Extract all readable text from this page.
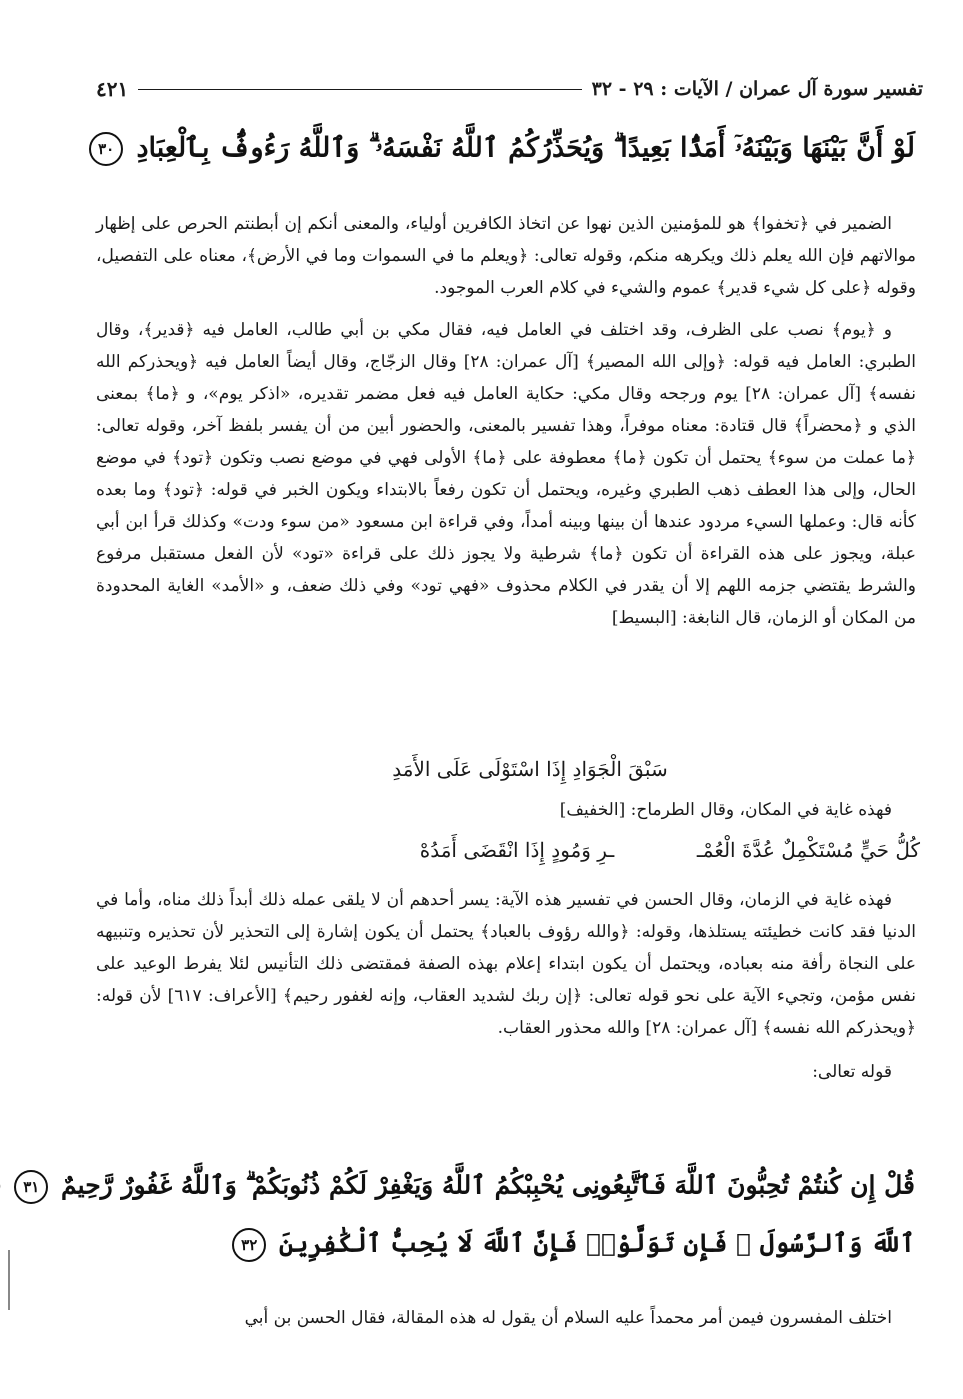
تفسير سورة آل عمران / الآيات : ٢٩ - ٣٢
٤٢١
لَوْ أَنَّ بَيْنَهَا وَبَيْنَهُۥٓ أَمَدًۢا بَعِيدًا ۗ وَيُحَذِّرُكُمُ ٱللَّهُ نَفْسَهُۥ ۗ وَٱللَّهُ رَءُوفٌۢ بِٱلْعِبَادِ ٣٠

الضمير في ﴿تخفوا﴾ هو للمؤمنين الذين نهوا عن اتخاذ الكافرين أولياء، والمعنى أنكم إن أبطنتم الحرص على إظهار موالاتهم فإن الله يعلم ذلك ويكرهه منكم، وقوله تعالى: ﴿ويعلم ما في السموات وما في الأرض﴾، معناه على التفصيل، وقوله ﴿على كل شيء قدير﴾ عموم والشيء في كلام العرب الموجود.

و ﴿يوم﴾ نصب على الظرف، وقد اختلف في العامل فيه، فقال مكي بن أبي طالب، العامل فيه ﴿قدير﴾، وقال الطبري: العامل فيه قوله: ﴿وإلى الله المصير﴾ [آل عمران: ٢٨] وقال الزجّاج، وقال أيضاً العامل فيه ﴿ويحذركم الله نفسه﴾ [آل عمران: ٢٨] يوم ورجحه وقال مكي: حكاية العامل فيه فعل مضمر تقديره، «اذكر يوم»، و ﴿ما﴾ بمعنى الذي و ﴿محضراً﴾ قال قتادة: معناه موفراً، وهذا تفسير بالمعنى، والحضور أبين من أن يفسر بلفظ آخر، وقوله تعالى: ﴿ما عملت من سوء﴾ يحتمل أن تكون ﴿ما﴾ معطوفة على ﴿ما﴾ الأولى فهي في موضع نصب وتكون ﴿تود﴾ في موضع الحال، وإلى هذا العطف ذهب الطبري وغيره، ويحتمل أن تكون رفعاً بالابتداء ويكون الخبر في قوله: ﴿تود﴾ وما بعده كأنه قال: وعملها السيء مردود عندها أن بينها وبينه أمداً، وفي قراءة ابن مسعود «من سوء ودت» وكذلك قرأ ابن أبي عبلة، ويجوز على هذه القراءة أن تكون ﴿ما﴾ شرطية ولا يجوز ذلك على قراءة «تود» لأن الفعل مستقبل مرفوع والشرط يقتضي جزمه اللهم إلا أن يقدر في الكلام محذوف «فهي تود» وفي ذلك ضعف، و «الأمد» الغاية المحدودة من المكان أو الزمان، قال النابغة: [البسيط]

سَبْقَ الْجَوَادِ إِذَا اسْتَوْلَى عَلَى الأَمَدِ

فهذه غاية في المكان، وقال الطرماح: [الخفيف]

كُلُّ حَيٍّ مُسْتَكْمِلٌ عُدَّةَ الْعُمْـ  ـرِ وَمُودٍ إِذَا انْقَضَى أَمَدُهْ

فهذه غاية في الزمان، وقال الحسن في تفسير هذه الآية: يسر أحدهم أن لا يلقى عمله ذلك أبداً ذلك مناه، وأما في الدنيا فقد كانت خطيئته يستلذها، وقوله: ﴿والله رؤوف بالعباد﴾ يحتمل أن يكون إشارة إلى التحذير لأن تحذيره وتنبيهه على النجاة رأفة منه بعباده، ويحتمل أن يكون ابتداء إعلام بهذه الصفة فمقتضى ذلك التأنيس لئلا يفرط الوعيد على نفس مؤمن، وتجيء الآية على نحو قوله تعالى: ﴿إن ربك لشديد العقاب، وإنه لغفور رحيم﴾ [الأعراف: ٦١٧] لأن قوله: ﴿ويحذركم الله نفسه﴾ [آل عمران: ٢٨] والله محذور العقاب.

قوله تعالى:

قُلْ إِن كُنتُمْ تُحِبُّونَ ٱللَّهَ فَٱتَّبِعُونِى يُحْبِبْكُمُ ٱللَّهُ وَيَغْفِرْ لَكُمْ ذُنُوبَكُمْ ۗ وَٱللَّهُ غَفُورٌ رَّحِيمٌ ٣١
ٱللَّهَ وَٱلرَّسُولَ ۖ فَإِن تَوَلَّوْا۟ فَإِنَّ ٱللَّهَ لَا يُحِبُّ ٱلْكَٰفِرِينَ ٣٢

اختلف المفسرون فيمن أمر محمداً عليه السلام أن يقول له هذه المقالة، فقال الحسن بن أبي
